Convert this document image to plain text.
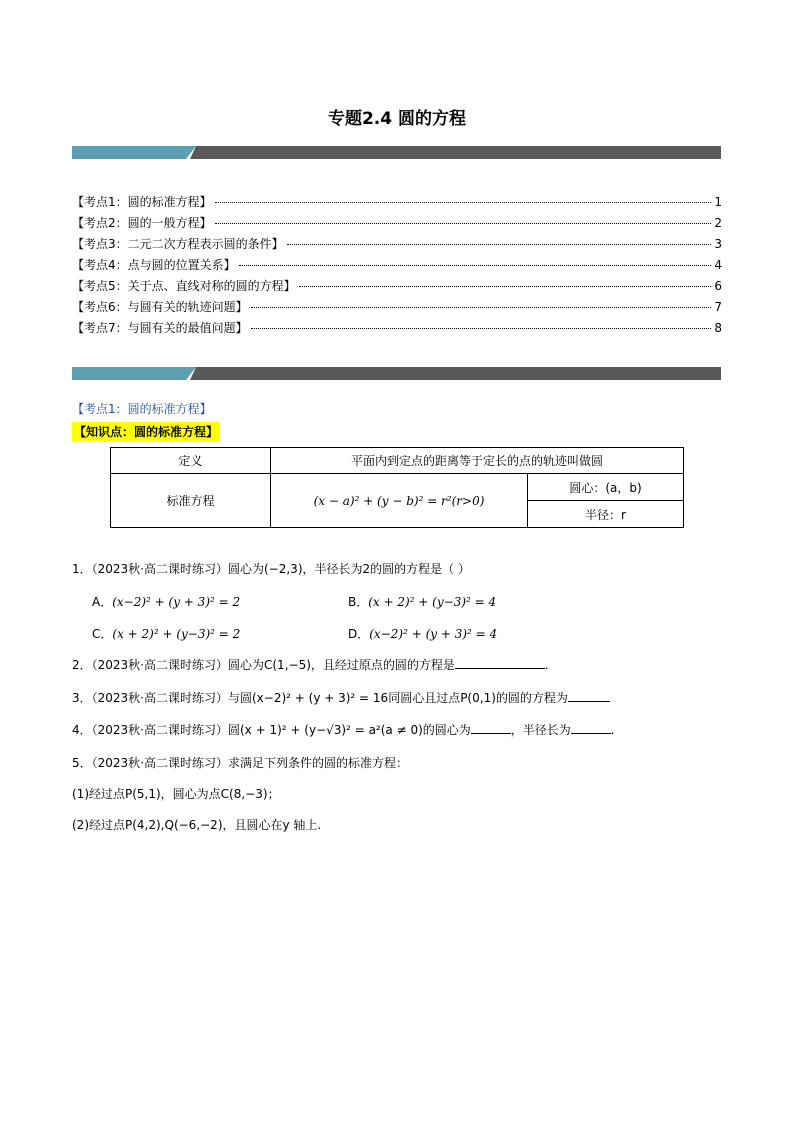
专题2.4 圆的方程
【考点1：圆的标准方程】	1
【考点2：圆的一般方程】	2
【考点3：二元二次方程表示圆的条件】	3
【考点4：点与圆的位置关系】	4
【考点5：关于点、直线对称的圆的方程】	6
【考点6：与圆有关的轨迹问题】	7
【考点7：与圆有关的最值问题】	8
【考点1：圆的标准方程】
【知识点：圆的标准方程】
定义	平面内到定点的距离等于定长的点的轨迹叫做圆	
标准方程	(x − a)² + (y − b)² = r²(r>0)	圆心：(a，b)
		半径：r
1．（2023秋·高二课时练习）圆心为(−2,3)，半径长为2的圆的方程是（ ）
A．(x−2)² + (y + 3)² = 2	B．(x + 2)² + (y−3)² = 4
C．(x + 2)² + (y−3)² = 2	D．(x−2)² + (y + 3)² = 4
2．（2023秋·高二课时练习）圆心为C(1,−5)，且经过原点的圆的方程是	.
3．（2023秋·高二课时练习）与圆(x−2)² + (y + 3)² = 16同圆心且过点P(0,1)的圆的方程为
4．（2023秋·高二课时练习）圆(x + 1)² + (y−√3)² = a²(a ≠ 0)的圆心为	，半径长为	.
5．（2023秋·高二课时练习）求满足下列条件的圆的标准方程：
(1)经过点P(5,1)，圆心为点C(8,−3)；
(2)经过点P(4,2),Q(−6,−2)，且圆心在y 轴上.
